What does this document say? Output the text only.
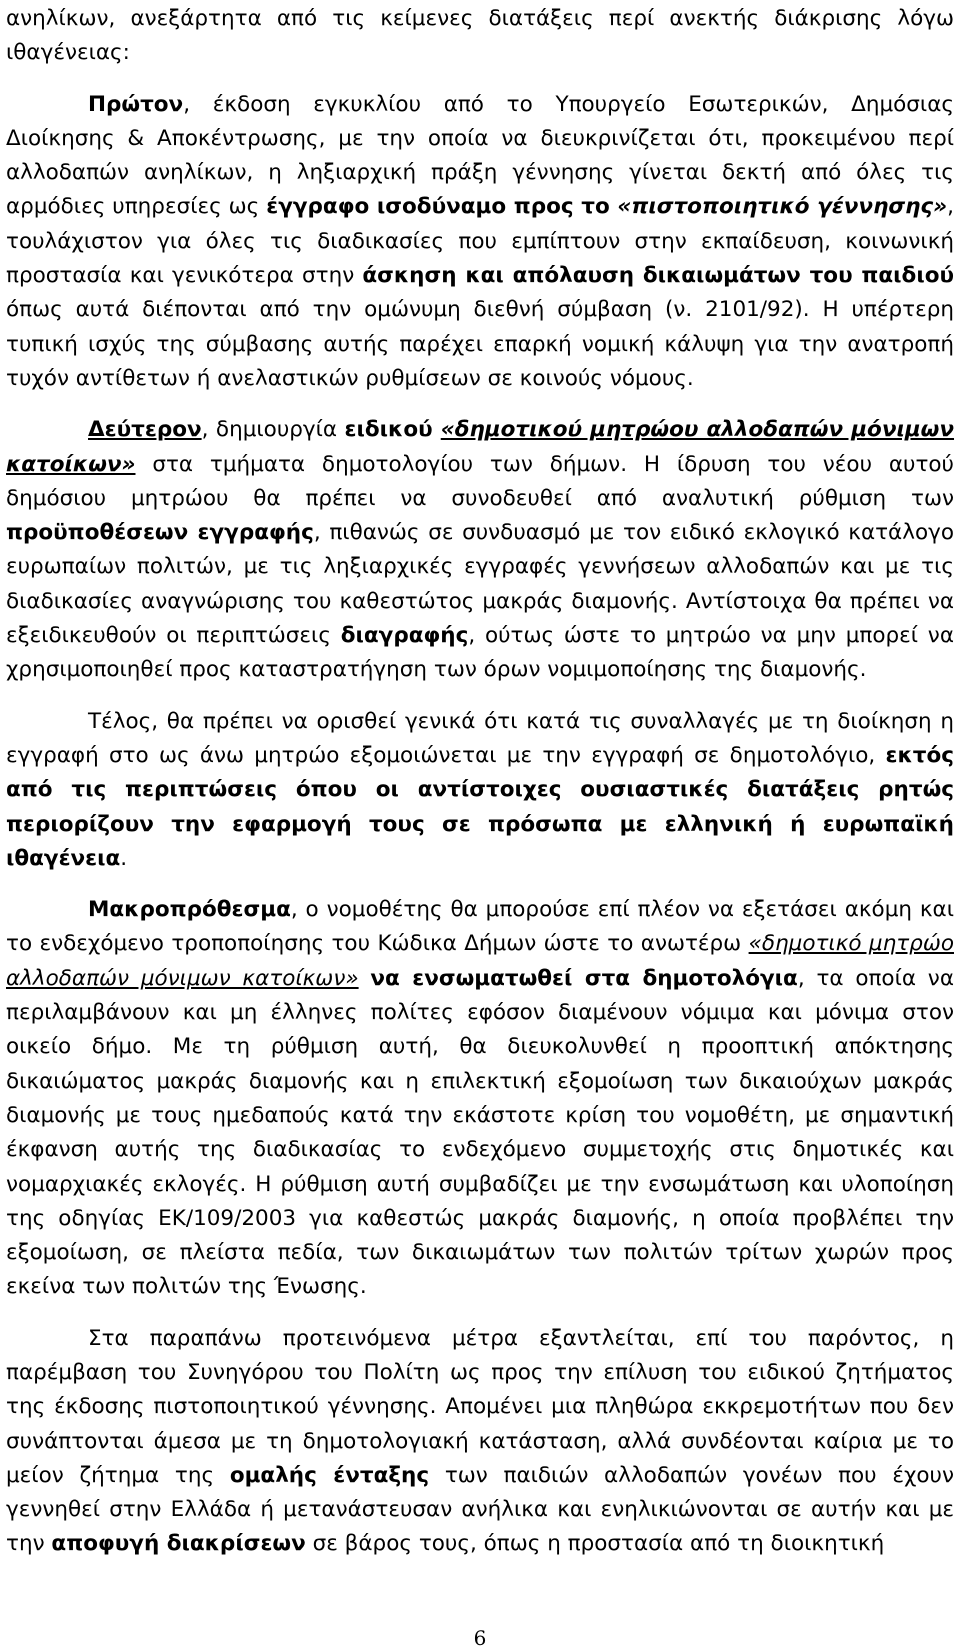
ανηλίκων, ανεξάρτητα από τις κείμενες διατάξεις περί ανεκτής διάκρισης λόγω ιθαγένειας:

Πρώτον, έκδοση εγκυκλίου από το Υπουργείο Εσωτερικών, Δημόσιας Διοίκησης & Αποκέντρωσης, με την οποία να διευκρινίζεται ότι, προκειμένου περί αλλοδαπών ανηλίκων, η ληξιαρχική πράξη γέννησης γίνεται δεκτή από όλες τις αρμόδιες υπηρεσίες ως έγγραφο ισοδύναμο προς το «πιστοποιητικό γέννησης», τουλάχιστον για όλες τις διαδικασίες που εμπίπτουν στην εκπαίδευση, κοινωνική προστασία και γενικότερα στην άσκηση και απόλαυση δικαιωμάτων του παιδιού όπως αυτά διέπονται από την ομώνυμη διεθνή σύμβαση (ν. 2101/92). Η υπέρτερη τυπική ισχύς της σύμβασης αυτής παρέχει επαρκή νομική κάλυψη για την ανατροπή τυχόν αντίθετων ή ανελαστικών ρυθμίσεων σε κοινούς νόμους.

Δεύτερον, δημιουργία ειδικού «δημοτικού μητρώου αλλοδαπών μόνιμων κατοίκων» στα τμήματα δημοτολογίου των δήμων. Η ίδρυση του νέου αυτού δημόσιου μητρώου θα πρέπει να συνοδευθεί από αναλυτική ρύθμιση των προϋποθέσεων εγγραφής, πιθανώς σε συνδυασμό με τον ειδικό εκλογικό κατάλογο ευρωπαίων πολιτών, με τις ληξιαρχικές εγγραφές γεννήσεων αλλοδαπών και με τις διαδικασίες αναγνώρισης του καθεστώτος μακράς διαμονής. Αντίστοιχα θα πρέπει να εξειδικευθούν οι περιπτώσεις διαγραφής, ούτως ώστε το μητρώο να μην μπορεί να χρησιμοποιηθεί προς καταστρατήγηση των όρων νομιμοποίησης της διαμονής.

Τέλος, θα πρέπει να ορισθεί γενικά ότι κατά τις συναλλαγές με τη διοίκηση η εγγραφή στο ως άνω μητρώο εξομοιώνεται με την εγγραφή σε δημοτολόγιο, εκτός από τις περιπτώσεις όπου οι αντίστοιχες ουσιαστικές διατάξεις ρητώς περιορίζουν την εφαρμογή τους σε πρόσωπα με ελληνική ή ευρωπαϊκή ιθαγένεια.

Μακροπρόθεσμα, ο νομοθέτης θα μπορούσε επί πλέον να εξετάσει ακόμη και το ενδεχόμενο τροποποίησης του Κώδικα Δήμων ώστε το ανωτέρω «δημοτικό μητρώο αλλοδαπών μόνιμων κατοίκων» να ενσωματωθεί στα δημοτολόγια, τα οποία να περιλαμβάνουν και μη έλληνες πολίτες εφόσον διαμένουν νόμιμα και μόνιμα στον οικείο δήμο. Με τη ρύθμιση αυτή, θα διευκολυνθεί η προοπτική απόκτησης δικαιώματος μακράς διαμονής και η επιλεκτική εξομοίωση των δικαιούχων μακράς διαμονής με τους ημεδαπούς κατά την εκάστοτε κρίση του νομοθέτη, με σημαντική έκφανση αυτής της διαδικασίας το ενδεχόμενο συμμετοχής στις δημοτικές και νομαρχιακές εκλογές. Η ρύθμιση αυτή συμβαδίζει με την ενσωμάτωση και υλοποίηση της οδηγίας ΕΚ/109/2003 για καθεστώς μακράς διαμονής, η οποία προβλέπει την εξομοίωση, σε πλείστα πεδία, των δικαιωμάτων των πολιτών τρίτων χωρών προς εκείνα των πολιτών της Ένωσης.

Στα παραπάνω προτεινόμενα μέτρα εξαντλείται, επί του παρόντος, η παρέμβαση του Συνηγόρου του Πολίτη ως προς την επίλυση του ειδικού ζητήματος της έκδοσης πιστοποιητικού γέννησης. Απομένει μια πληθώρα εκκρεμοτήτων που δεν συνάπτονται άμεσα με τη δημοτολογιακή κατάσταση, αλλά συνδέονται καίρια με το μείον ζήτημα της ομαλής ένταξης των παιδιών αλλοδαπών γονέων που έχουν γεννηθεί στην Ελλάδα ή μετανάστευσαν ανήλικα και ενηλικιώνονται σε αυτήν και με την αποφυγή διακρίσεων σε βάρος τους, όπως η προστασία από τη διοικητική

6
